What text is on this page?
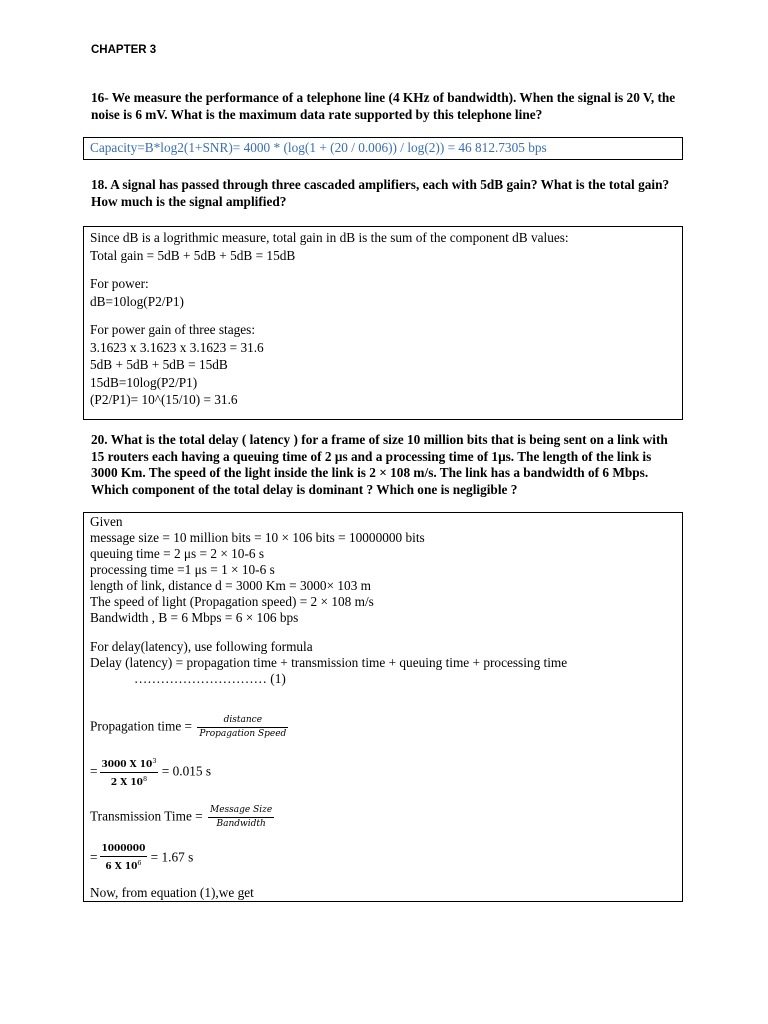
CHAPTER 3
16- We measure the performance of a telephone line (4 KHz of bandwidth). When the signal is 20 V, the noise is 6 mV. What is the maximum data rate supported by this telephone line?
Capacity=B*log2(1+SNR)= 4000 * (log(1 + (20 / 0.006)) / log(2)) = 46 812.7305 bps
18. A signal has passed through three cascaded amplifiers, each with 5dB gain? What is the total gain? How much is the signal amplified?
Since dB is a logrithmic measure, total gain in dB is the sum of the component dB values:
Total gain = 5dB + 5dB + 5dB = 15dB
For power:
dB=10log(P2/P1)
For power gain of three stages:
3.1623 x 3.1623 x 3.1623 = 31.6
5dB + 5dB + 5dB = 15dB
15dB=10log(P2/P1)
(P2/P1)= 10^(15/10) = 31.6
20. What is the total delay ( latency ) for a frame of size 10 million bits that is being sent on a link with 15 routers each having a queuing time of 2 μs and a processing time of 1μs. The length of the link is 3000 Km. The speed of the light inside the link is 2 × 108 m/s. The link has a bandwidth of 6 Mbps. Which component of the total delay is dominant ? Which one is negligible ?
Given
message size = 10 million bits = 10 × 106 bits = 10000000 bits
queuing time = 2 μs = 2 × 10-6 s
processing time =1 μs = 1 × 10-6 s
length of link, distance d = 3000 Km = 3000× 103 m
The speed of light (Propagation speed) = 2 × 108 m/s
Bandwidth , B = 6 Mbps = 6 × 106 bps
For delay(latency), use following formula
Delay (latency) = propagation time + transmission time + queuing time + processing time
………………………… (1)
Propagation time = $\frac{\text{distance}}{\text{Propagation Speed}}$
= $\frac{3000 X 10^3}{2 X 10^8} = 0.015$ s
Transmission Time = $\frac{\text{Message Size}}{\text{Bandwidth}}$
= $\frac{1000000}{6 X 10^6} = 1.67$ s
Now, from equation (1),we get
